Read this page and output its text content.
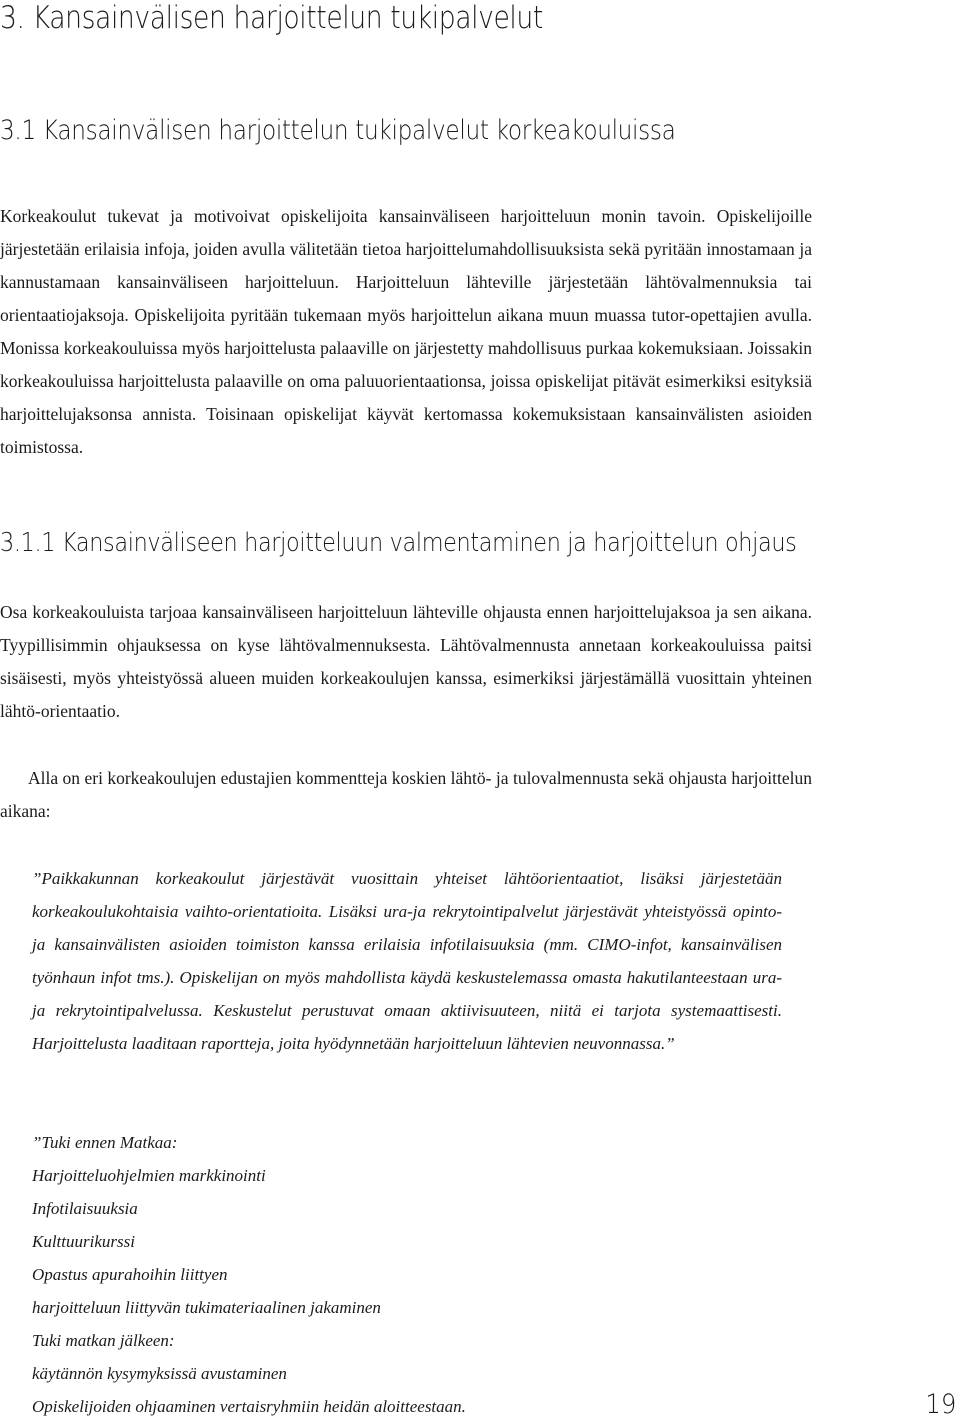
3. Kansainvälisen harjoittelun tukipalvelut
3.1 Kansainvälisen harjoittelun tukipalvelut korkeakouluissa

Korkeakoulut tukevat ja motivoivat opiskelijoita kansainväliseen harjoitteluun monin tavoin. Opiskelijoille järjestetään erilaisia infoja, joiden avulla välitetään tietoa harjoittelumahdollisuuksista sekä pyritään innostamaan ja kannustamaan kansainväliseen harjoitteluun. Harjoitteluun lähteville järjestetään lähtövalmennuksia tai orientaatiojaksoja. Opiskelijoita pyritään tukemaan myös harjoittelun aikana muun muassa tutor-opettajien avulla. Monissa korkeakouluissa myös harjoittelusta palaaville on järjestetty mahdollisuus purkaa kokemuksiaan. Joissakin korkeakouluissa harjoittelusta palaaville on oma paluuorientaationsa, joissa opiskelijat pitävät esimerkiksi esityksiä harjoittelujaksonsa annista. Toisinaan opiskelijat käyvät kertomassa kokemuksistaan kansainvälisten asioiden toimistossa.

3.1.1 Kansainväliseen harjoitteluun valmentaminen ja harjoittelun ohjaus

Osa korkeakouluista tarjoaa kansainväliseen harjoitteluun lähteville ohjausta ennen harjoittelujaksoa ja sen aikana. Tyypillisimmin ohjauksessa on kyse lähtövalmennuksesta. Lähtövalmennusta annetaan korkeakouluissa paitsi sisäisesti, myös yhteistyössä alueen muiden korkeakoulujen kanssa, esimerkiksi järjestämällä vuosittain yhteinen lähtö-orientaatio.

Alla on eri korkeakoulujen edustajien kommentteja koskien lähtö- ja tulovalmennusta sekä ohjausta harjoittelun aikana:

”Paikkakunnan korkeakoulut järjestävät vuosittain yhteiset lähtöorientaatiot, lisäksi järjestetään korkeakoulukohtaisia vaihto-orientatioita. Lisäksi ura-ja rekrytointipalvelut järjestävät yhteistyössä opinto- ja kansainvälisten asioiden toimiston kanssa erilaisia infotilaisuuksia (mm. CIMO-infot, kansainvälisen työnhaun infot tms.). Opiskelijan on myös mahdollista käydä keskustelemassa omasta hakutilanteestaan ura- ja rekrytointipalvelussa. Keskustelut perustuvat omaan aktiivisuuteen, niitä ei tarjota systemaattisesti. Harjoittelusta laaditaan raportteja, joita hyödynnetään harjoitteluun lähtevien neuvonnassa.”

”Tuki ennen Matkaa:
Harjoitteluohjelmien markkinointi
Infotilaisuuksia
Kulttuurikurssi
Opastus apurahoihin liittyen
harjoitteluun liittyvän tukimateriaalinen jakaminen
Tuki matkan jälkeen:
käytännön kysymyksissä avustaminen
Opiskelijoiden ohjaaminen vertaisryhmiin heidän aloitteestaan.	19
